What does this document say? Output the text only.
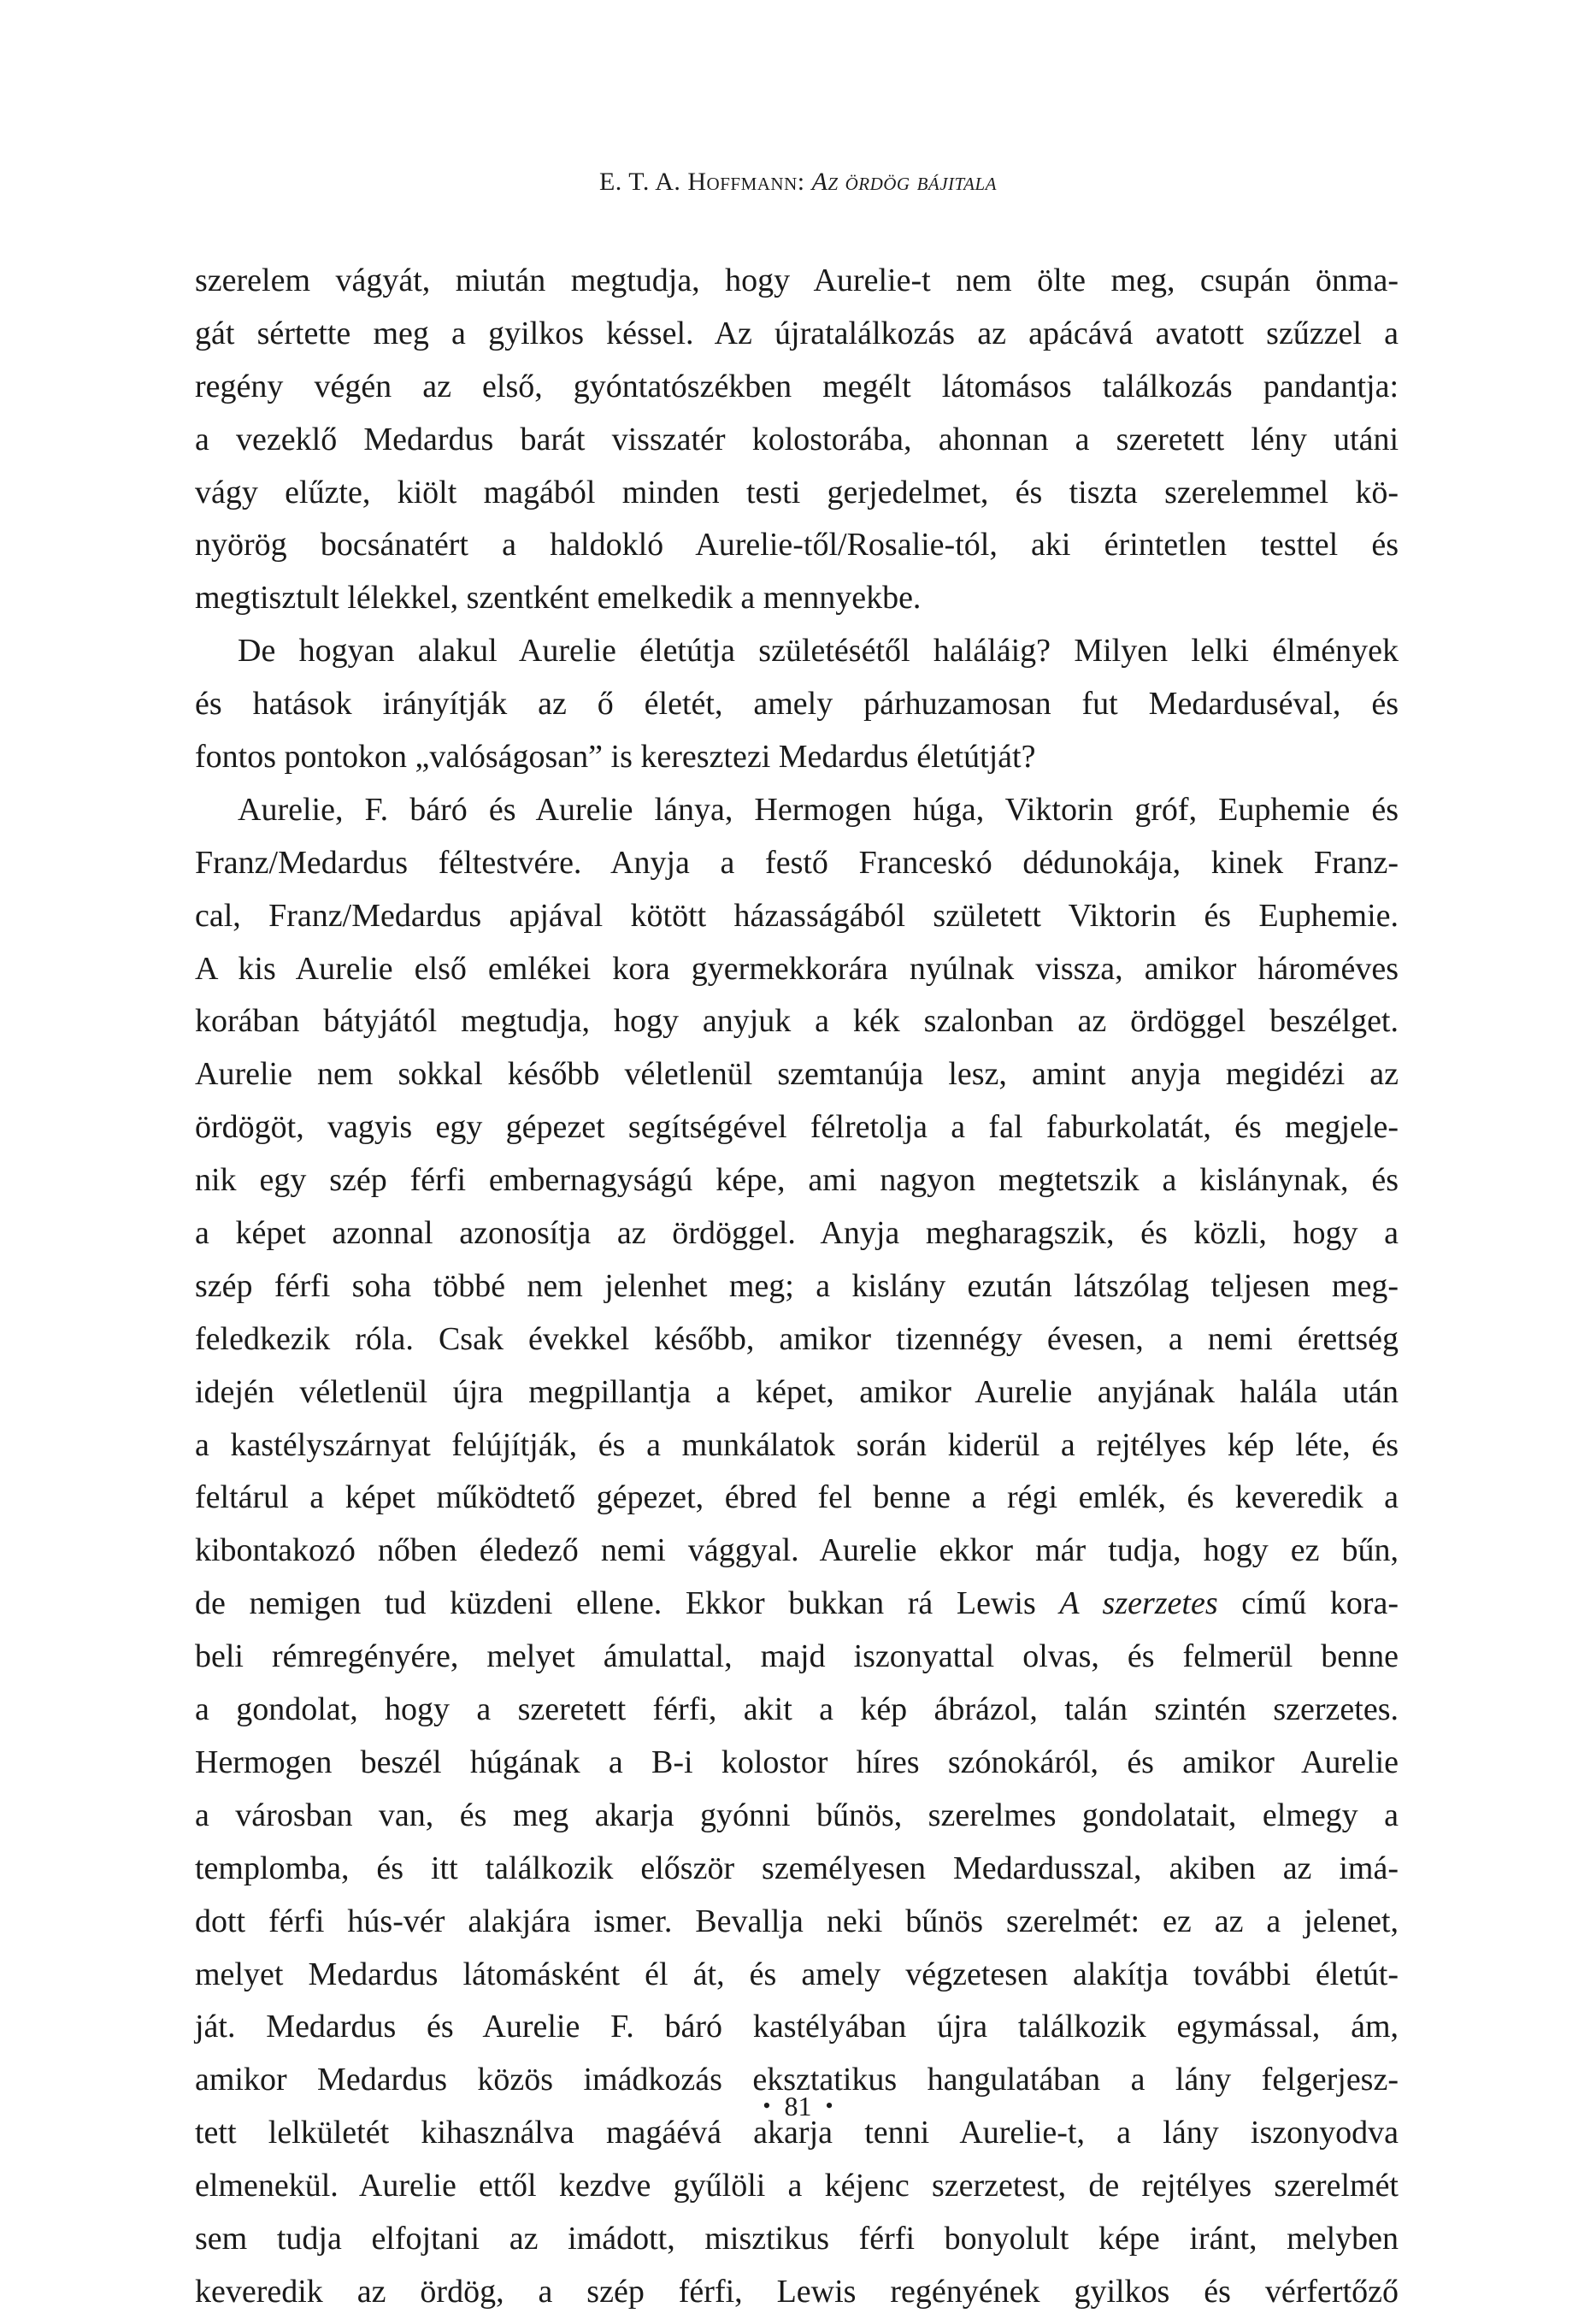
E. T. A. Hoffmann: Az ördög bájitala
szerelem vágyát, miután megtudja, hogy Aurelie-t nem ölte meg, csupán önma-
gát sértette meg a gyilkos késsel. Az újratalálkozás az apácává avatott szűzzel a
regény végén az első, gyóntatószékben megélt látomásos találkozás pandantja:
a vezeklő Medardus barát visszatér kolostorába, ahonnan a szeretett lény utáni
vágy elűzte, kiölt magából minden testi gerjedelmet, és tiszta szerelemmel kö-
nyörög bocsánatért a haldokló Aurelie-től/Rosalie-tól, aki érintetlen testtel és
megtisztult lélekkel, szentként emelkedik a mennyekbe.
De hogyan alakul Aurelie életútja születésétől haláláig? Milyen lelki élmények
és hatások irányítják az ő életét, amely párhuzamosan fut Medarduséval, és
fontos pontokon „valóságosan” is keresztezi Medardus életútját?
Aurelie, F. báró és Aurelie lánya, Hermogen húga, Viktorin gróf, Euphemie és
Franz/Medardus féltestvére. Anyja a festő Franceskó dédunokája, kinek Franz-
cal, Franz/Medardus apjával kötött házasságából született Viktorin és Euphemie.
A kis Aurelie első emlékei kora gyermekkorára nyúlnak vissza, amikor hároméves
korában bátyjától megtudja, hogy anyjuk a kék szalonban az ördöggel beszélget.
Aurelie nem sokkal később véletlenül szemtanúja lesz, amint anyja megidézi az
ördögöt, vagyis egy gépezet segítségével félretolja a fal faburkolatát, és megjele-
nik egy szép férfi embernagyságú képe, ami nagyon megtetszik a kislánynak, és
a képet azonnal azonosítja az ördöggel. Anyja megharagszik, és közli, hogy a
szép férfi soha többé nem jelenhet meg; a kislány ezután látszólag teljesen meg-
feledkezik róla. Csak évekkel később, amikor tizennégy évesen, a nemi érettség
idején véletlenül újra megpillantja a képet, amikor Aurelie anyjának halála után
a kastélyszárnyat felújítják, és a munkálatok során kiderül a rejtélyes kép léte, és
feltárul a képet működtető gépezet, ébred fel benne a régi emlék, és keveredik a
kibontakozó nőben éledező nemi vággyal. Aurelie ekkor már tudja, hogy ez bűn,
de nemigen tud küzdeni ellene. Ekkor bukkan rá Lewis A szerzetes című kora-
beli rémregényére, melyet ámulattal, majd iszonyattal olvas, és felmerül benne
a gondolat, hogy a szeretett férfi, akit a kép ábrázol, talán szintén szerzetes.
Hermogen beszél húgának a B-i kolostor híres szónokáról, és amikor Aurelie
a városban van, és meg akarja gyónni bűnös, szerelmes gondolatait, elmegy a
templomba, és itt találkozik először személyesen Medardusszal, akiben az imá-
dott férfi hús-vér alakjára ismer. Bevallja neki bűnös szerelmét: ez az a jelenet,
melyet Medardus látomásként él át, és amely végzetesen alakítja további életút-
ját. Medardus és Aurelie F. báró kastélyában újra találkozik egymással, ám,
amikor Medardus közös imádkozás eksztatikus hangulatában a lány felgerjesz-
tett lelkületét kihasználva magáévá akarja tenni Aurelie-t, a lány iszonyodva
elmenekül. Aurelie ettől kezdve gyűlöli a kéjenc szerzetest, de rejtélyes szerelmét
sem tudja elfojtani az imádott, misztikus férfi bonyolult képe iránt, melyben
keveredik az ördög, a szép férfi, Lewis regényének gyilkos és vérfertőző
• 81 •
